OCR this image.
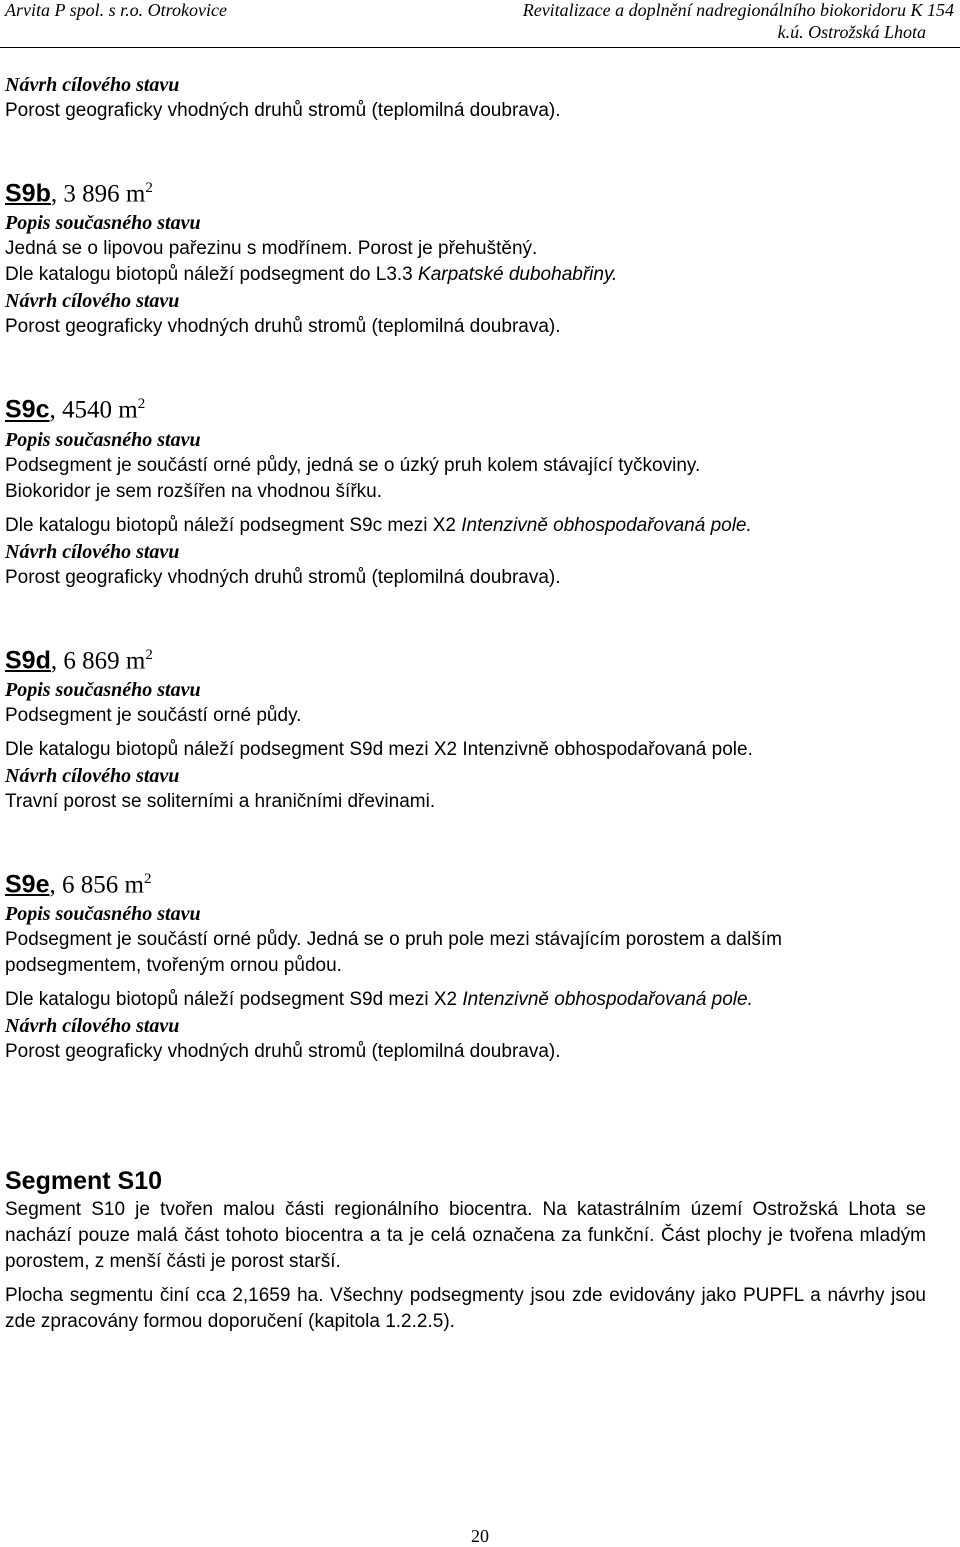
Arvita P spol. s r.o. Otrokovice	Revitalizace a doplnění nadregionálního biokoridoru K 154
k.ú. Ostrožská Lhota

Návrh cílového stavu

Porost geograficky vhodných druhů stromů (teplomilná doubrava).

S9b, 3 896 $m^2$

Popis současného stavu

Jedná se o lipovou pařezinu s modřínem. Porost je přehuštěný.

Dle katalogu biotopů náleží podsegment do L3.3 Karpatské dubohabřiny.

Návrh cílového stavu

Porost geograficky vhodných druhů stromů (teplomilná doubrava).

S9c, 4540 $m^2$

Popis současného stavu

Podsegment je součástí orné půdy, jedná se o úzký pruh kolem stávající tyčkoviny.

Biokoridor je sem rozšířen na vhodnou šířku.

Dle katalogu biotopů náleží podsegment S9c mezi X2 Intenzivně obhospodařovaná pole.

Návrh cílového stavu

Porost geograficky vhodných druhů stromů (teplomilná doubrava).

S9d, 6 869 $m^2$

Popis současného stavu

Podsegment je součástí orné půdy.

Dle katalogu biotopů náleží podsegment S9d mezi X2 Intenzivně obhospodařovaná pole.

Návrh cílového stavu

Travní porost se soliterními a hraničními dřevinami.

S9e, 6 856 $m^2$

Popis současného stavu

Podsegment je součástí orné půdy. Jedná se o pruh pole mezi stávajícím porostem a dalším

podsegmentem, tvořeným ornou půdou.

Dle katalogu biotopů náleží podsegment S9d mezi X2 Intenzivně obhospodařovaná pole.

Návrh cílového stavu

Porost geograficky vhodných druhů stromů (teplomilná doubrava).

Segment S10

Segment S10 je tvořen malou části regionálního biocentra. Na katastrálním území Ostrožská Lhota se nachází pouze malá část tohoto biocentra a ta je celá označena za funkční. Část plochy je tvořena mladým porostem, z menší části je porost starší.

Plocha segmentu činí cca 2,1659 ha. Všechny podsegmenty jsou zde evidovány jako PUPFL a návrhy jsou zde zpracovány formou doporučení (kapitola 1.2.2.5).

20
